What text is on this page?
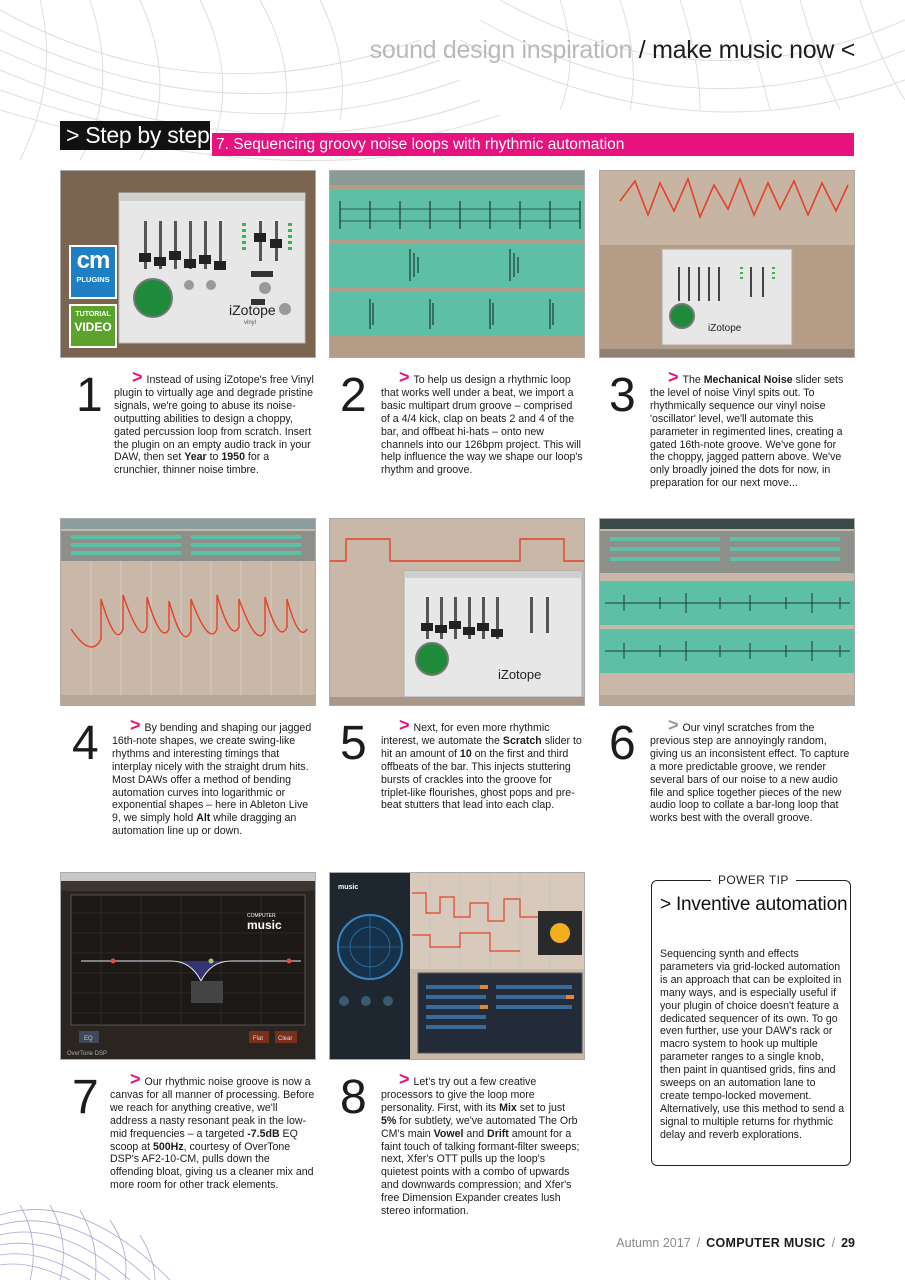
sound design inspiration / make music now <
> Step by step 7. Sequencing groovy noise loops with rhythmic automation
iZotope
vinyl
cm
PLUGINS
TUTORIAL
VIDEO	iZotope
1	> Instead of using iZotope's free Vinyl plugin to virtually age and degrade pristine signals, we're going to abuse its noise-outputting abilities to design a choppy, gated percussion loop from scratch. Insert the plugin on an empty audio track in your DAW, then set Year to 1950 for a crunchier, thinner noise timbre.
2	> To help us design a rhythmic loop that works well under a beat, we import a basic multipart drum groove – comprised of a 4/4 kick, clap on beats 2 and 4 of the bar, and offbeat hi-hats – onto new channels into our 126bpm project. This will help influence the way we shape our loop's rhythm and groove.
3	> The Mechanical Noise slider sets the level of noise Vinyl spits out. To rhythmically sequence our vinyl noise 'oscillator' level, we'll automate this parameter in regimented lines, creating a gated 16th-note groove. We've gone for the choppy, jagged pattern above. We've only broadly joined the dots for now, in preparation for our next move...
iZotope
4	> By bending and shaping our jagged 16th-note shapes, we create swing-like rhythms and interesting timings that interplay nicely with the straight drum hits. Most DAWs offer a method of bending automation curves into logarithmic or exponential shapes – here in Ableton Live 9, we simply hold Alt while dragging an automation line up or down.
5	> Next, for even more rhythmic interest, we automate the Scratch slider to hit an amount of 10 on the first and third offbeats of the bar. This injects stuttering bursts of crackles into the groove for triplet-like flourishes, ghost pops and pre-beat stutters that lead into each clap.
6	> Our vinyl scratches from the previous step are annoyingly random, giving us an inconsistent effect. To capture a more predictable groove, we render several bars of our noise to a new audio file and splice together pieces of the new audio loop to collate a bar-long loop that works best with the overall groove.
COMPUTER
music
EQ	Flat Clear
OverTone DSP
music
7	> Our rhythmic noise groove is now a canvas for all manner of processing. Before we reach for anything creative, we'll address a nasty resonant peak in the low-mid frequencies – a targeted -7.5dB EQ scoop at 500Hz, courtesy of OverTone DSP's AF2-10-CM, pulls down the offending bloat, giving us a cleaner mix and more room for other track elements.
8	> Let's try out a few creative processors to give the loop more personality. First, with its Mix set to just 5% for subtlety, we've automated The Orb CM's main Vowel and Drift amount for a faint touch of talking formant-filter sweeps; next, Xfer's OTT pulls up the loop's quietest points with a combo of upwards and downwards compression; and Xfer's free Dimension Expander creates lush stereo information.
POWER TIP
> Inventive automation
Sequencing synth and effects parameters via grid-locked automation is an approach that can be exploited in many ways, and is especially useful if your plugin of choice doesn't feature a dedicated sequencer of its own. To go even further, use your DAW's rack or macro system to hook up multiple parameter ranges to a single knob, then paint in quantised grids, fins and sweeps on an automation lane to create tempo-locked movement. Alternatively, use this method to send a signal to multiple returns for rhythmic delay and reverb explorations.
Autumn 2017 / COMPUTER MUSIC / 29
